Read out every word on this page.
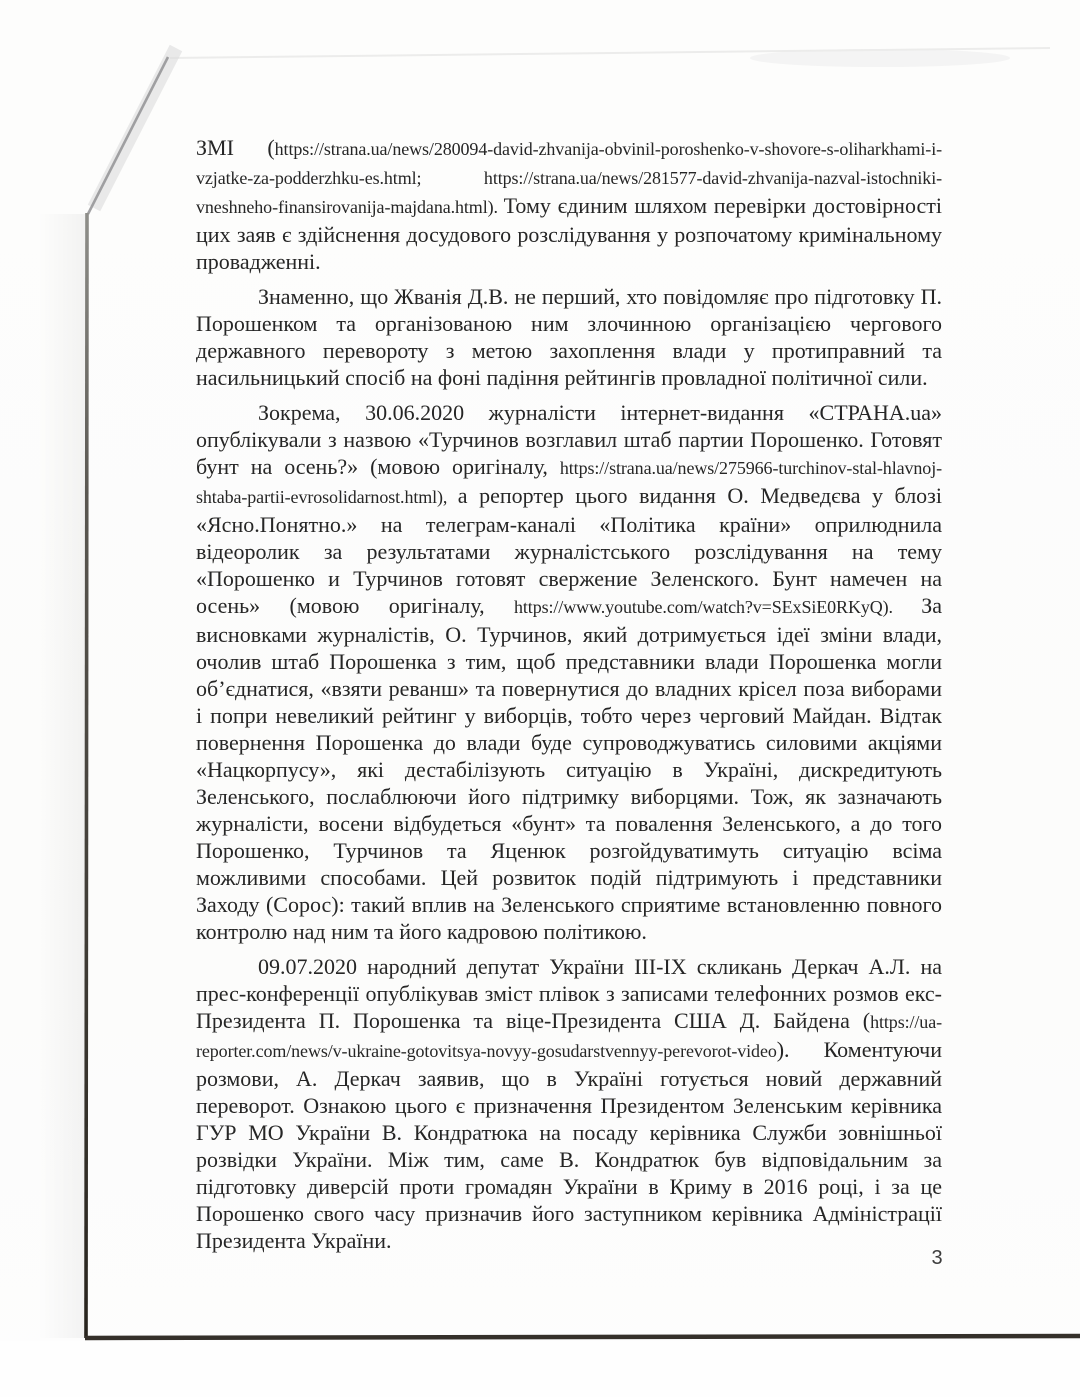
ЗМІ (https://strana.ua/news/280094-david-zhvanija-obvinil-poroshenko-v-shovore-s-oliharkhami-i-vzjatke-za-podderzhku-es.html; https://strana.ua/news/281577-david-zhvanija-nazval-istochniki-vneshneho-finansirovanija-majdana.html). Тому єдиним шляхом перевірки достовірності цих заяв є здійснення досудового розслідування у розпочатому кримінальному провадженні.

Знаменно, що Жванія Д.В. не перший, хто повідомляє про підготовку П. Порошенком та організованою ним злочинною організацією чергового державного перевороту з метою захоплення влади у протиправний та насильницький спосіб на фоні падіння рейтингів провладної політичної сили.

Зокрема, 30.06.2020 журналісти інтернет-видання «СТРАНА.ua» опублікували з назвою «Турчинов возглавил штаб партии Порошенко. Готовят бунт на осень?» (мовою оригіналу, https://strana.ua/news/275966-turchinov-stal-hlavnoj-shtaba-partii-evrosolidarnost.html), а репортер цього видання О. Медведєва у блозі «Ясно.Понятно.» на телеграм-каналі «Політика країни» оприлюднила відеоролик за результатами журналістського розслідування на тему «Порошенко и Турчинов готовят свержение Зеленского. Бунт намечен на осень» (мовою оригіналу, https://www.youtube.com/watch?v=SExSiE0RKyQ). За висновками журналістів, О. Турчинов, який дотримується ідеї зміни влади, очолив штаб Порошенка з тим, щоб представники влади Порошенка могли об’єднатися, «взяти реванш» та повернутися до владних крісел поза виборами і попри невеликий рейтинг у виборців, тобто через черговий Майдан. Відтак повернення Порошенка до влади буде супроводжуватись силовими акціями «Нацкорпусу», які дестабілізують ситуацію в Україні, дискредитують Зеленського, послаблюючи його підтримку виборцями. Тож, як зазначають журналісти, восени відбудеться «бунт» та повалення Зеленського, а до того Порошенко, Турчинов та Яценюк розгойдуватимуть ситуацію всіма можливими способами. Цей розвиток подій підтримують і представники Заходу (Сорос): такий вплив на Зеленського сприятиме встановленню повного контролю над ним та його кадровою політикою.

09.07.2020 народний депутат України ІІІ-ІХ скликань Деркач А.Л. на прес-конференції опублікував зміст плівок з записами телефонних розмов екс-Президента П. Порошенка та віце-Президента США Д. Байдена (https://ua-reporter.com/news/v-ukraine-gotovitsya-novyy-gosudarstvennyy-perevorot-video). Коментуючи розмови, А. Деркач заявив, що в Україні готується новий державний переворот. Ознакою цього є призначення Президентом Зеленським керівника ГУР МО України В. Кондратюка на посаду керівника Служби зовнішньої розвідки України. Між тим, саме В. Кондратюк був відповідальним за підготовку диверсій проти громадян України в Криму в 2016 році, і за це Порошенко свого часу призначив його заступником керівника Адміністрації Президента України.

3
